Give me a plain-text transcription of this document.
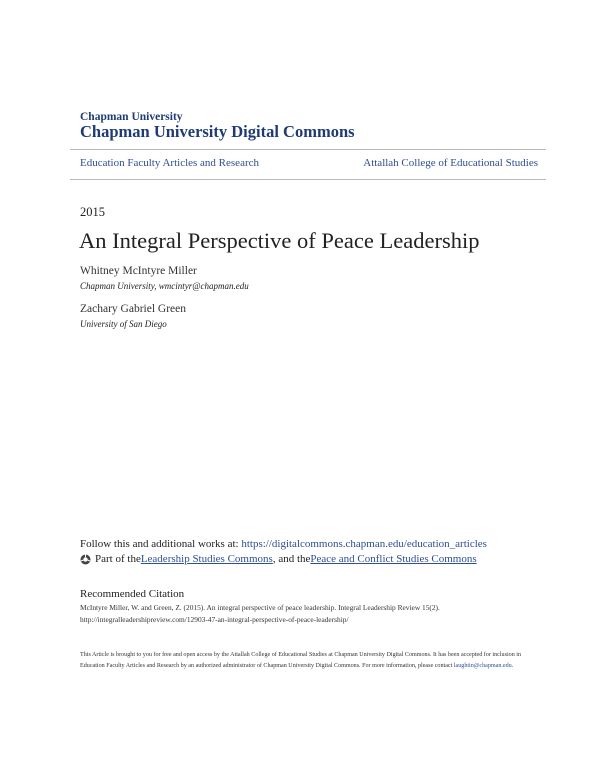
Chapman University
Chapman University Digital Commons
Education Faculty Articles and Research	Attallah College of Educational Studies
2015
An Integral Perspective of Peace Leadership
Whitney McIntyre Miller
Chapman University, wmcintyr@chapman.edu
Zachary Gabriel Green
University of San Diego
Follow this and additional works at: https://digitalcommons.chapman.edu/education_articles
Part of the Leadership Studies Commons , and the Peace and Conflict Studies Commons
Recommended Citation
McIntyre Miller, W. and Green, Z. (2015). An integral perspective of peace leadership. Integral Leadership Review 15(2). http://integralleadershipreview.com/12903-47-an-integral-perspective-of-peace-leadership/
This Article is brought to you for free and open access by the Attallah College of Educational Studies at Chapman University Digital Commons. It has been accepted for inclusion in Education Faculty Articles and Research by an authorized administrator of Chapman University Digital Commons. For more information, please contact laughtin@chapman.edu.
